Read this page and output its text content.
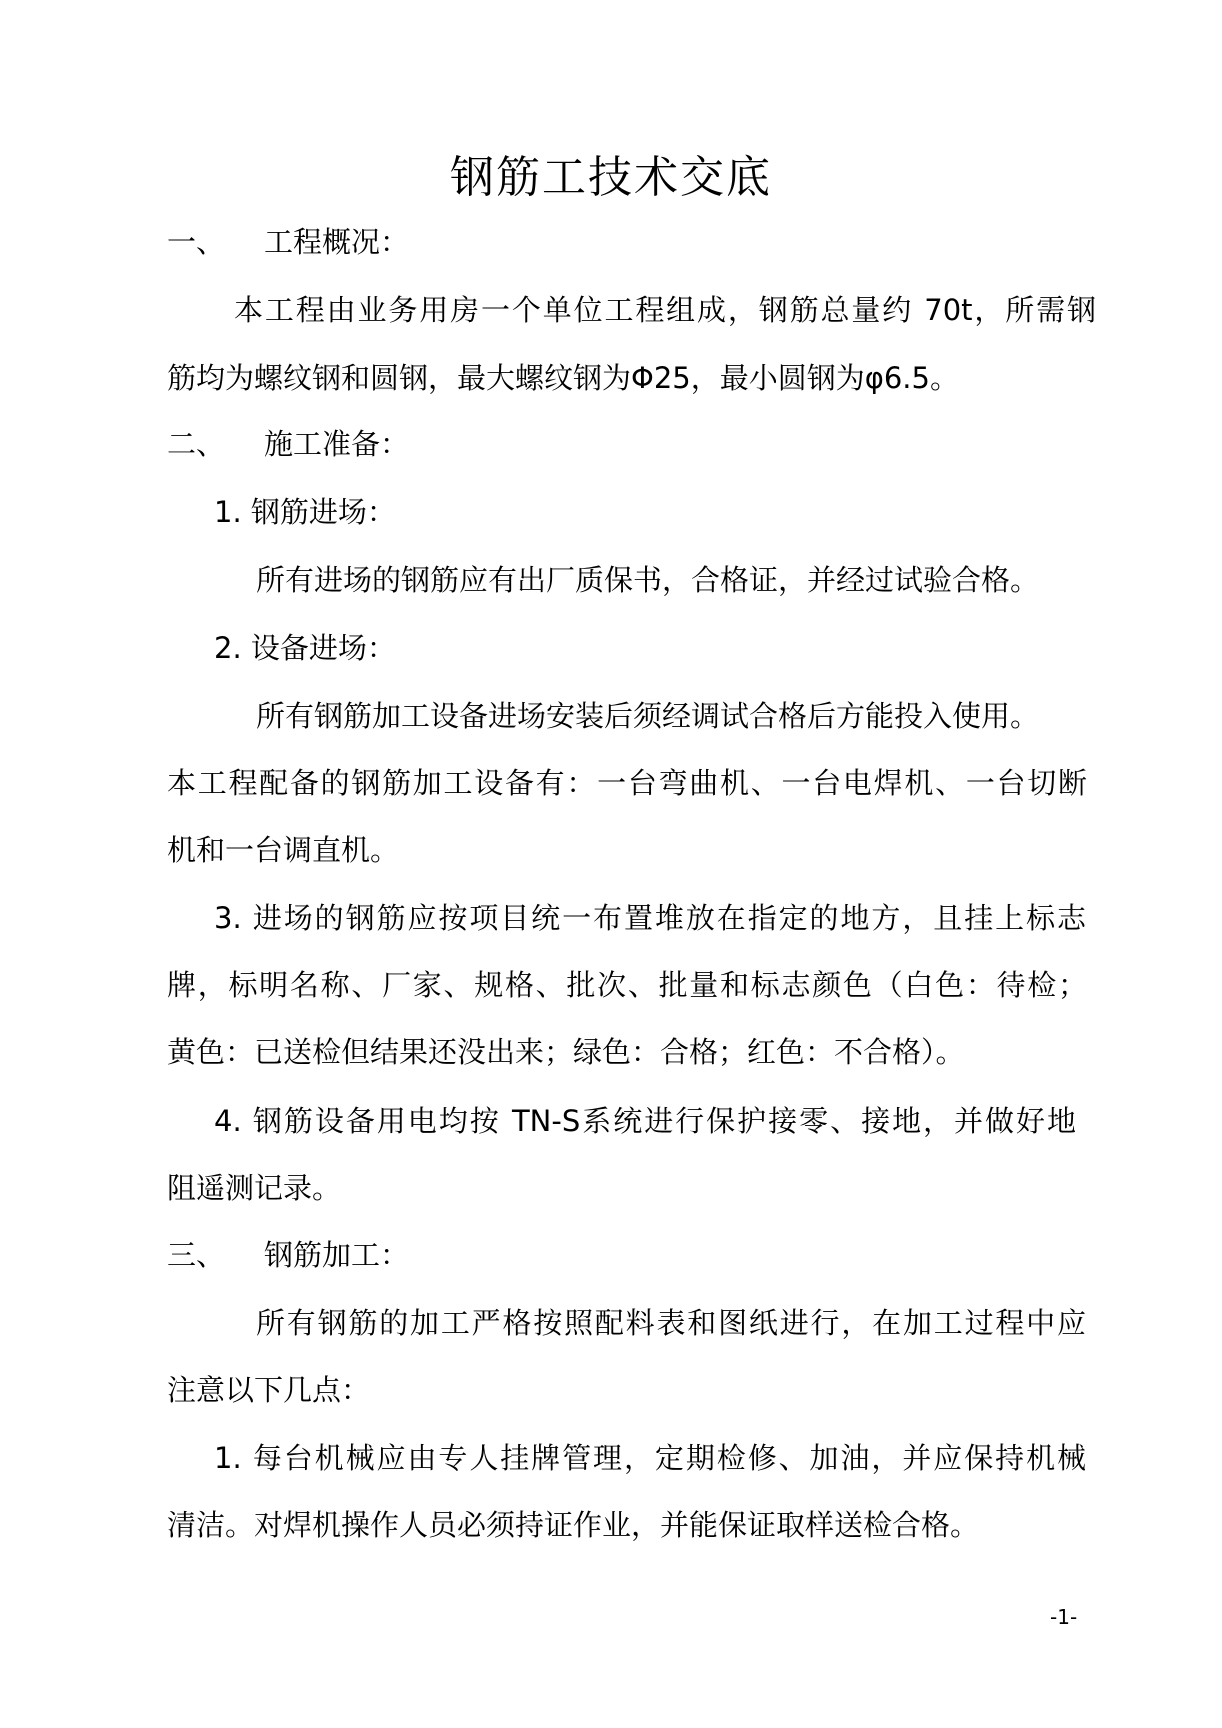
钢筋工技术交底
一、 工程概况：
本工程由业务用房一个单位工程组成，钢筋总量约 70t，所需钢
筋均为螺纹钢和圆钢，最大螺纹钢为Φ25，最小圆钢为φ6.5。
二、 施工准备：
1. 钢筋进场：
所有进场的钢筋应有出厂质保书，合格证，并经过试验合格。
2. 设备进场：
所有钢筋加工设备进场安装后须经调试合格后方能投入使用。
本工程配备的钢筋加工设备有：一台弯曲机、一台电焊机、一台切断
机和一台调直机。
3. 进场的钢筋应按项目统一布置堆放在指定的地方，且挂上标志
牌，标明名称、厂家、规格、批次、批量和标志颜色（白色：待检；
黄色：已送检但结果还没出来；绿色：合格；红色：不合格）。
4. 钢筋设备用电均按 TN-S系统进行保护接零、接地，并做好地
阻遥测记录。
三、 钢筋加工：
所有钢筋的加工严格按照配料表和图纸进行，在加工过程中应
注意以下几点：
1. 每台机械应由专人挂牌管理，定期检修、加油，并应保持机械
清洁。对焊机操作人员必须持证作业，并能保证取样送检合格。
-1-
